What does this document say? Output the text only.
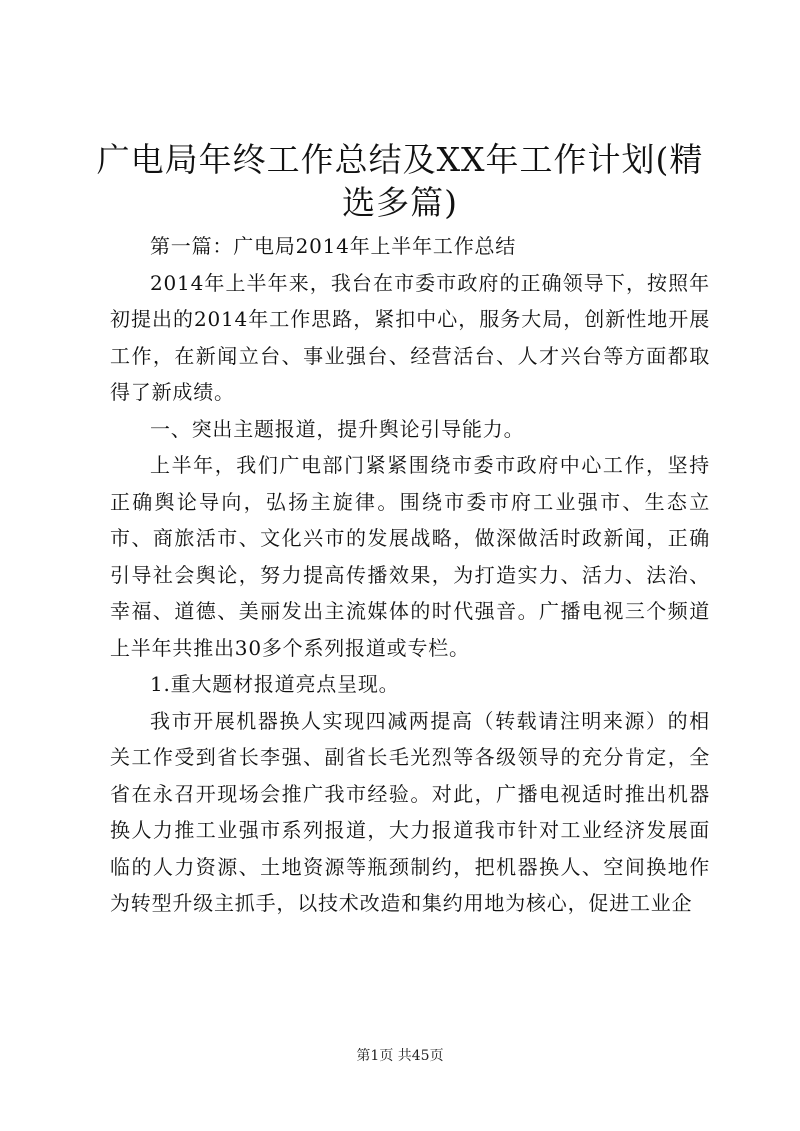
广电局年终工作总结及XX年工作计划(精选多篇)

第一篇：广电局2014年上半年工作总结

2014年上半年来，我台在市委市政府的正确领导下，按照年初提出的2014年工作思路，紧扣中心，服务大局，创新性地开展工作，在新闻立台、事业强台、经营活台、人才兴台等方面都取得了新成绩。

一、突出主题报道，提升舆论引导能力。

上半年，我们广电部门紧紧围绕市委市政府中心工作，坚持正确舆论导向，弘扬主旋律。围绕市委市府工业强市、生态立市、商旅活市、文化兴市的发展战略，做深做活时政新闻，正确引导社会舆论，努力提高传播效果，为打造实力、活力、法治、幸福、道德、美丽发出主流媒体的时代强音。广播电视三个频道上半年共推出30多个系列报道或专栏。

1.重大题材报道亮点呈现。

我市开展机器换人实现四减两提高（转载请注明来源）的相关工作受到省长李强、副省长毛光烈等各级领导的充分肯定，全省在永召开现场会推广我市经验。对此，广播电视适时推出机器换人力推工业强市系列报道，大力报道我市针对工业经济发展面临的人力资源、土地资源等瓶颈制约，把机器换人、空间换地作为转型升级主抓手，以技术改造和集约用地为核心，促进工业企

第1页 共45页
